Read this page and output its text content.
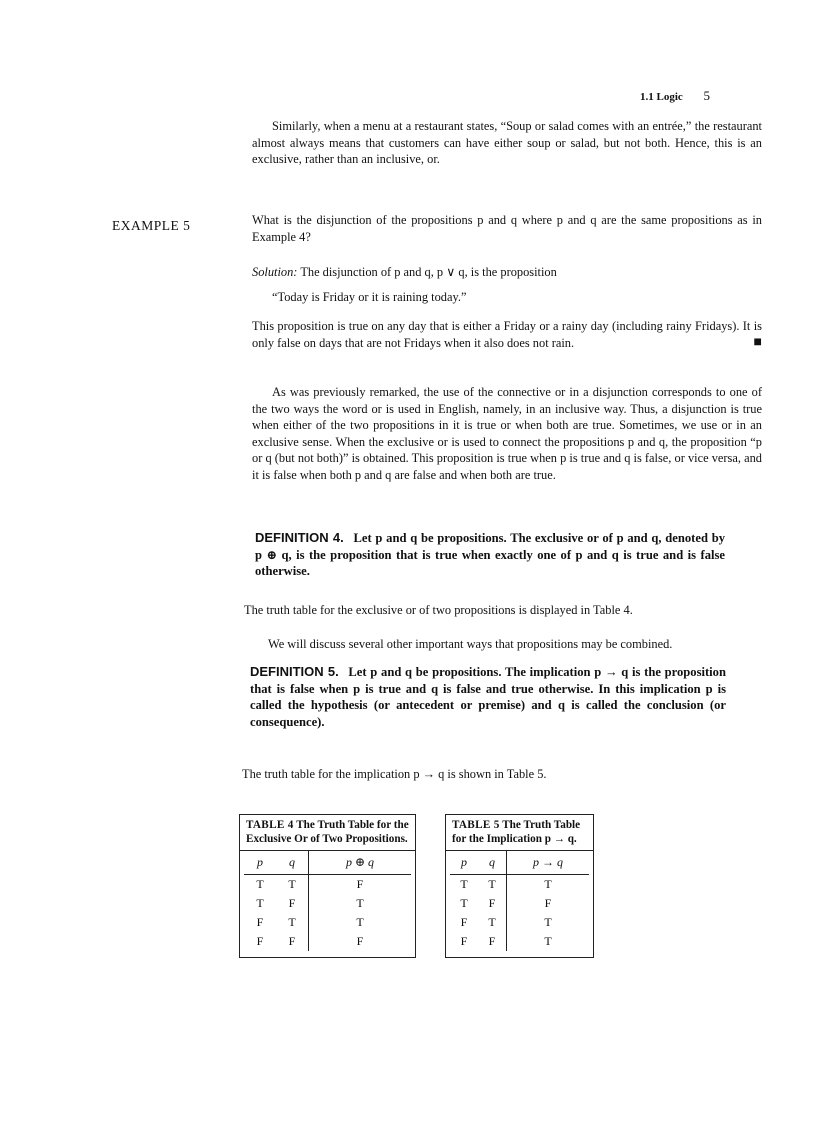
1.1 Logic 5

Similarly, when a menu at a restaurant states, “Soup or salad comes with an entrée,” the restaurant almost always means that customers can have either soup or salad, but not both. Hence, this is an exclusive, rather than an inclusive, or.

EXAMPLE 5	What is the disjunction of the propositions p and q where p and q are the same propositions as in Example 4?

Solution: The disjunction of p and q, p ∨ q, is the proposition

“Today is Friday or it is raining today.”

This proposition is true on any day that is either a Friday or a rainy day (including rainy Fridays). It is only false on days that are not Fridays when it also does not rain.	■

As was previously remarked, the use of the connective or in a disjunction corresponds to one of the two ways the word or is used in English, namely, in an inclusive way. Thus, a disjunction is true when either of the two propositions in it is true or when both are true. Sometimes, we use or in an exclusive sense. When the exclusive or is used to connect the propositions p and q, the proposition “p or q (but not both)” is obtained. This proposition is true when p is true and q is false, or vice versa, and it is false when both p and q are false and when both are true.

DEFINITION 4. Let p and q be propositions. The exclusive or of p and q, denoted by p ⊕ q, is the proposition that is true when exactly one of p and q is true and is false otherwise.

The truth table for the exclusive or of two propositions is displayed in Table 4.

We will discuss several other important ways that propositions may be combined.

DEFINITION 5. Let p and q be propositions. The implication p → q is the proposition that is false when p is true and q is false and true otherwise. In this implication p is called the hypothesis (or antecedent or premise) and q is called the conclusion (or consequence).

The truth table for the implication p → q is shown in Table 5.

TABLE 4 The Truth Table for the Exclusive Or of Two Propositions.
p	q	p ⊕ q
T	T	F
T	F	T
F	T	T
F	F	F
TABLE 5 The Truth Table for the Implication p → q.
p	q	p → q
T	T	T
T	F	F
F	T	T
F	F	T
